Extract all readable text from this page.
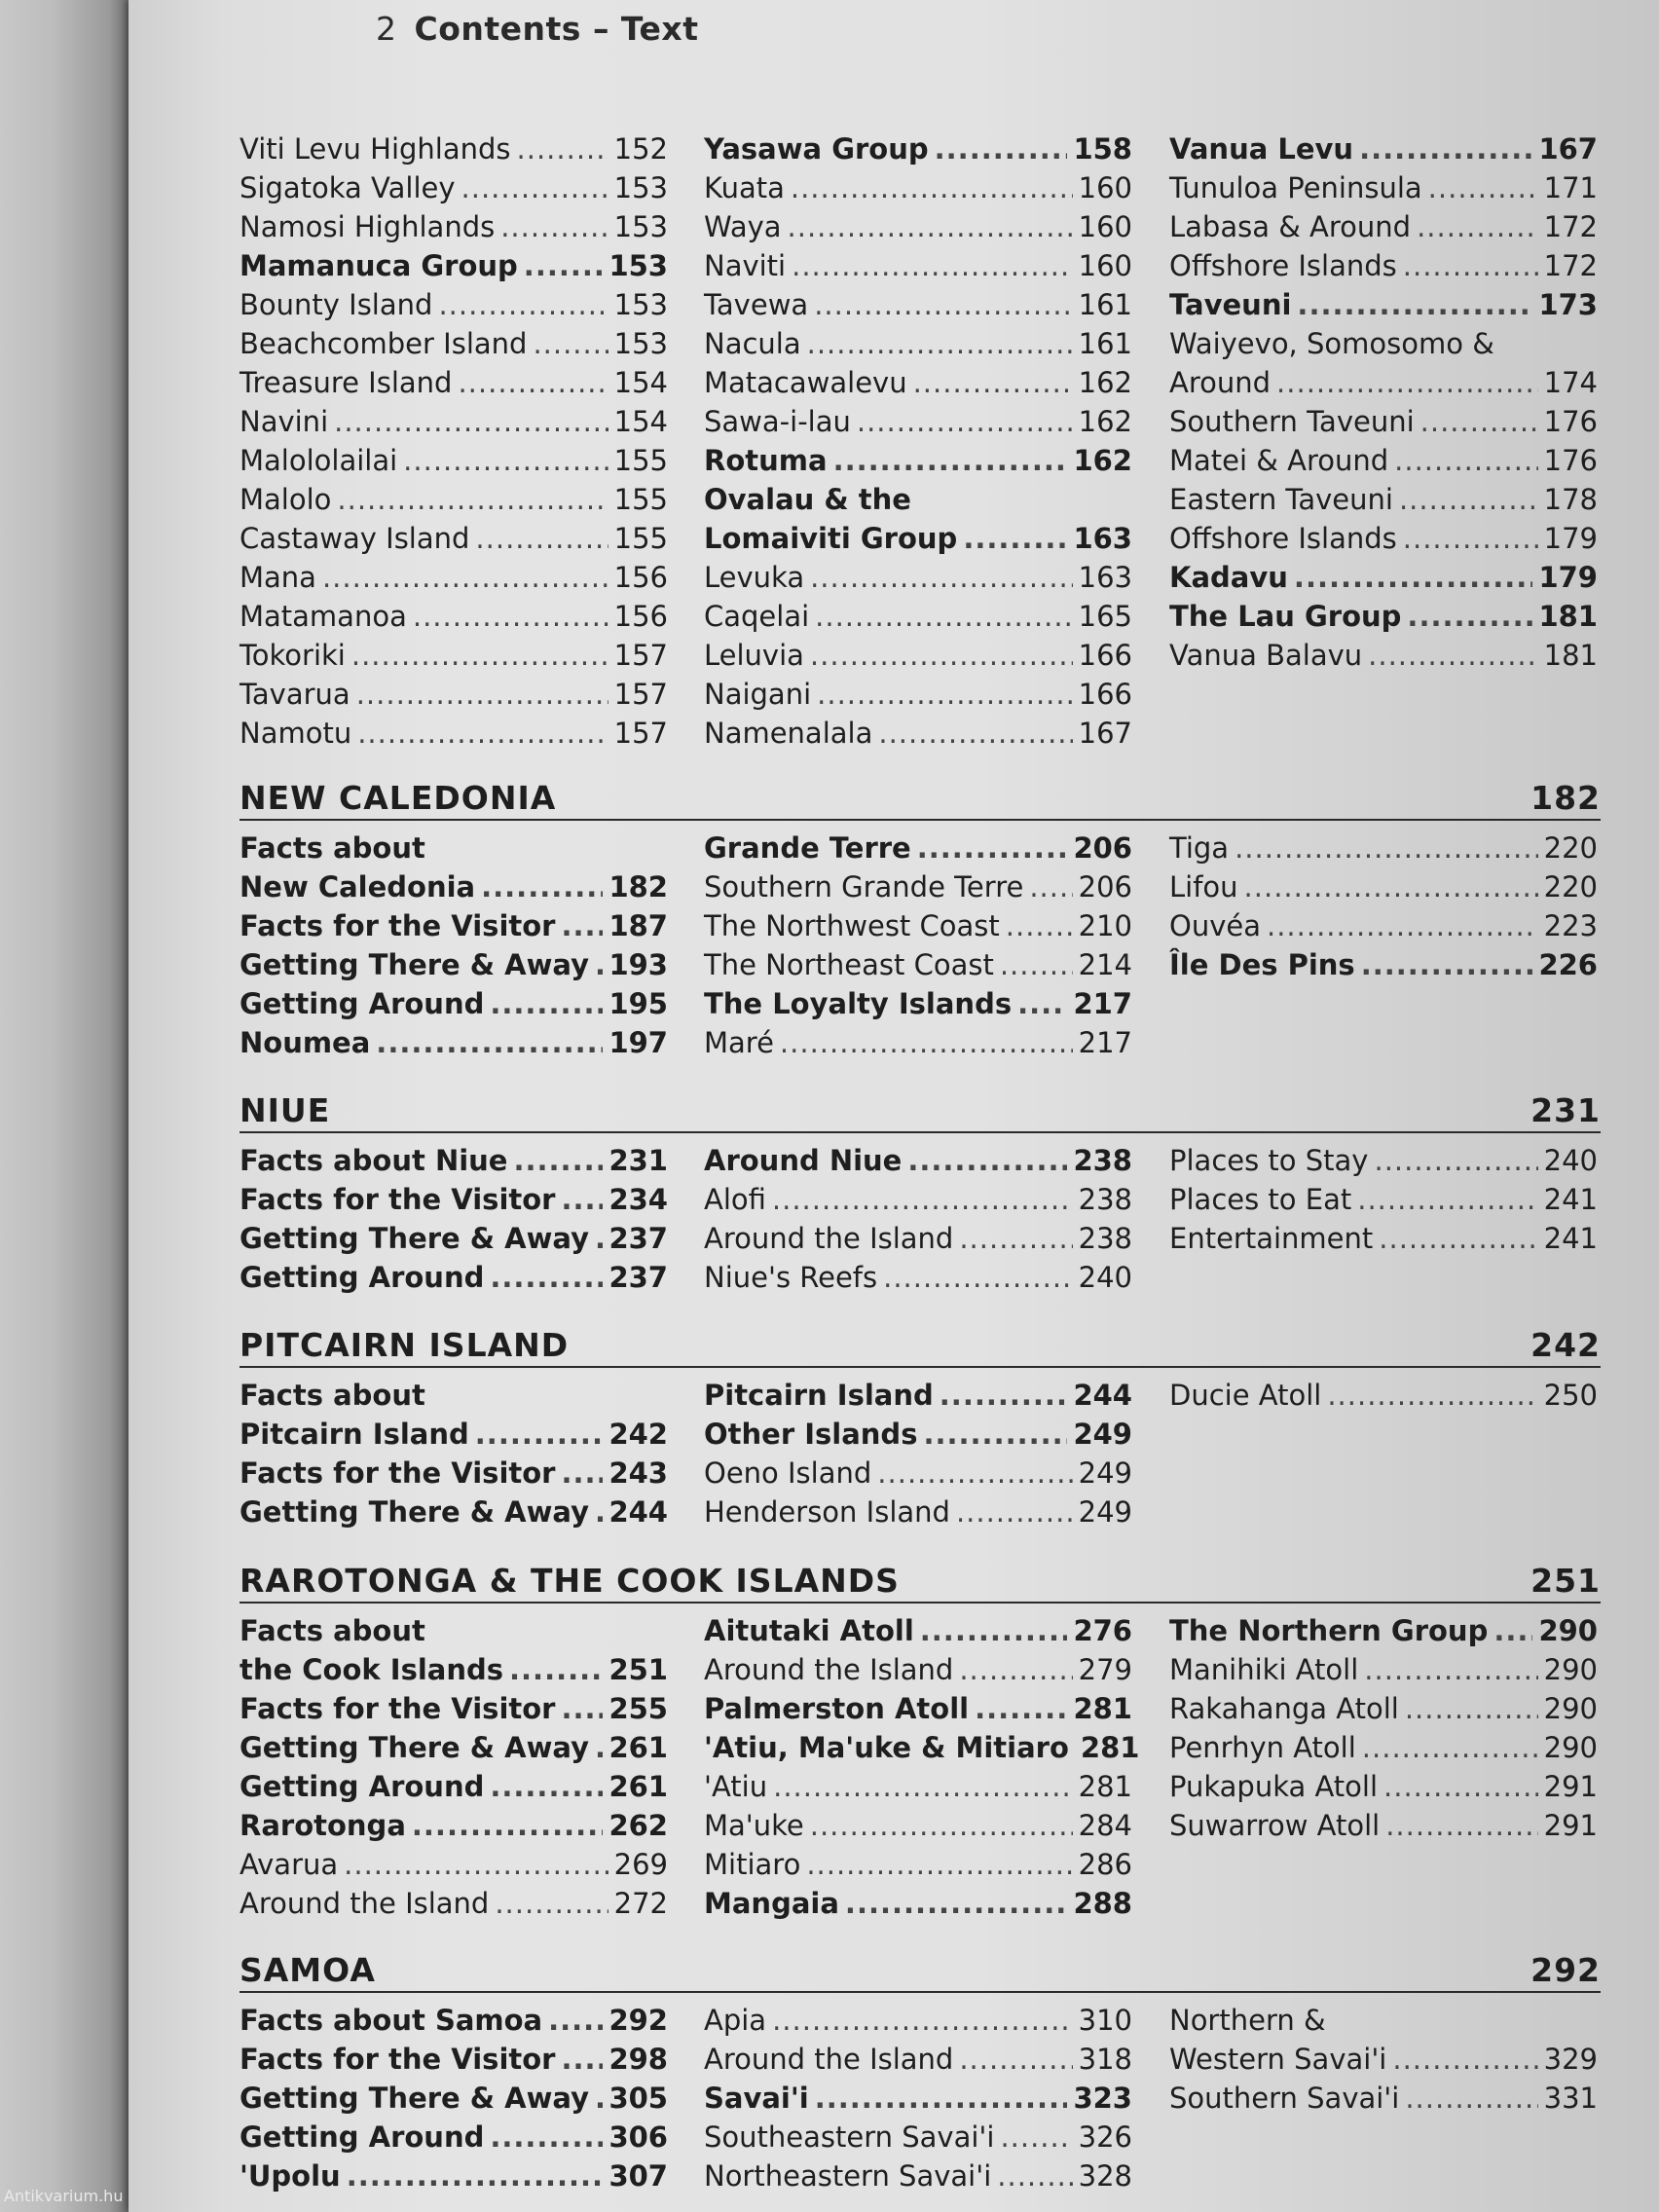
Antikvarium.hu
2 Contents – Text
Viti Levu Highlands .....	152
Sigatoka Valley .....	153
Namosi Highlands .....	153
Mamanuca Group .....	153
Bounty Island .....	153
Beachcomber Island .....	153
Treasure Island .....	154
Navini .....	154
Malololailai .....	155
Malolo .....	155
Castaway Island .....	155
Mana .....	156
Matamanoa .....	156
Tokoriki .....	157
Tavarua .....	157
Namotu .....	157
Yasawa Group .....	158
Kuata .....	160
Waya .....	160
Naviti .....	160
Tavewa .....	161
Nacula .....	161
Matacawalevu .....	162
Sawa-i-lau .....	162
Rotuma .....	162
Ovalau & the
Lomaiviti Group .....	163
Levuka .....	163
Caqelai .....	165
Leluvia .....	166
Naigani .....	166
Namenalala .....	167
Vanua Levu .....	167
Tunuloa Peninsula .....	171
Labasa & Around .....	172
Offshore Islands .....	172
Taveuni .....	173
Waiyevo, Somosomo &
Around .....	174
Southern Taveuni .....	176
Matei & Around .....	176
Eastern Taveuni .....	178
Offshore Islands .....	179
Kadavu .....	179
The Lau Group .....	181
Vanua Balavu .....	181
NEW CALEDONIA	182
Facts about
New Caledonia .....	182
Facts for the Visitor ..... 187
Getting There & Away ..... 193
Getting Around .....	195
Noumea .....	197
Grande Terre .....	206
Southern Grande Terre ..... 206
The Northwest Coast .....	210
The Northeast Coast .....	214
The Loyalty Islands ..... 217
Maré .....	217
Tiga .....	220
Lifou .....	220
Ouvéa .....	223
Île Des Pins .....	226
NIUE	231
Facts about Niue .....	231
Facts for the Visitor ..... 234
Getting There & Away ..... 237
Getting Around .....	237
Around Niue .....	238
Alofi .....	238
Around the Island .....	238
Niue's Reefs .....	240
Places to Stay .....	240
Places to Eat .....	241
Entertainment .....	241
PITCAIRN ISLAND	242
Facts about
Pitcairn Island .....	242
Facts for the Visitor ..... 243
Getting There & Away ..... 244
Pitcairn Island .....	244
Other Islands .....	249
Oeno Island .....	249
Henderson Island .....	249
Ducie Atoll .....	250
RAROTONGA & THE COOK ISLANDS	251
Facts about
the Cook Islands .....	251
Facts for the Visitor ..... 255
Getting There & Away ..... 261
Getting Around .....	261
Rarotonga .....	262
Avarua .....	269
Around the Island .....	272
Aitutaki Atoll .....	276
Around the Island .....	279
Palmerston Atoll .....	281
'Atiu, Ma'uke & Mitiaro 281
'Atiu .....	281
Ma'uke .....	284
Mitiaro .....	286
Mangaia .....	288
The Northern Group ..... 290
Manihiki Atoll .....	290
Rakahanga Atoll .....	290
Penrhyn Atoll .....	290
Pukapuka Atoll .....	291
Suwarrow Atoll .....	291
SAMOA	292
Facts about Samoa ..... 292
Facts for the Visitor ..... 298
Getting There & Away ..... 305
Getting Around .....	306
'Upolu .....	307
Apia .....	310
Around the Island .....	318
Savai'i .....	323
Southeastern Savai'i .....	326
Northeastern Savai'i .....	328
Northern &
Western Savai'i .....	329
Southern Savai'i .....	331
